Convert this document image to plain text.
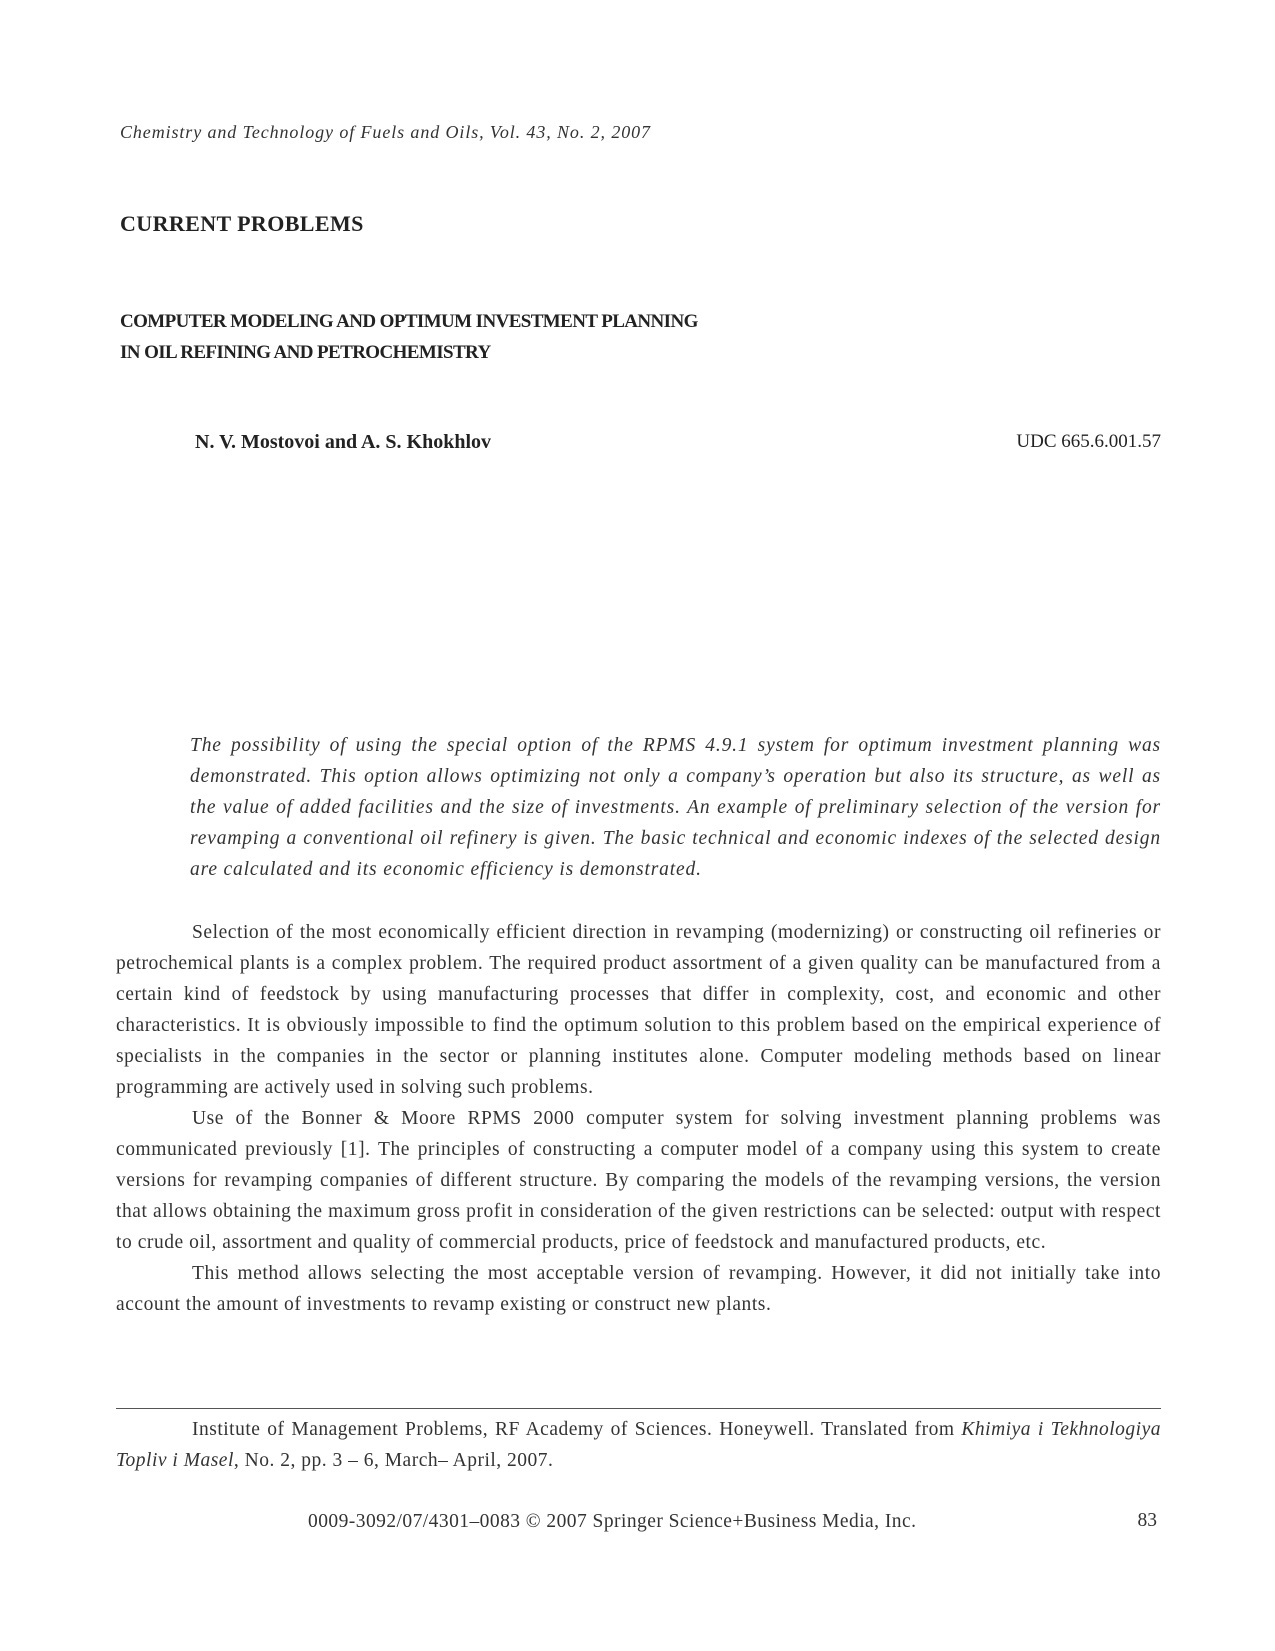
Chemistry and Technology of Fuels and Oils, Vol. 43, No. 2, 2007
CURRENT PROBLEMS
COMPUTER MODELING AND OPTIMUM INVESTMENT PLANNING
IN OIL REFINING AND PETROCHEMISTRY
N. V. Mostovoi and A. S. Khokhlov	UDC 665.6.001.57

The possibility of using the special option of the RPMS 4.9.1 system for optimum investment planning was demonstrated. This option allows optimizing not only a company’s operation but also its structure, as well as the value of added facilities and the size of investments. An example of preliminary selection of the version for revamping a conventional oil refinery is given. The basic technical and economic indexes of the selected design are calculated and its economic efficiency is demonstrated.

Selection of the most economically efficient direction in revamping (modernizing) or constructing oil refineries or petrochemical plants is a complex problem. The required product assortment of a given quality can be manufactured from a certain kind of feedstock by using manufacturing processes that differ in complexity, cost, and economic and other characteristics. It is obviously impossible to find the optimum solution to this problem based on the empirical experience of specialists in the companies in the sector or planning institutes alone. Computer modeling methods based on linear programming are actively used in solving such problems.

Use of the Bonner & Moore RPMS 2000 computer system for solving investment planning problems was communicated previously [1]. The principles of constructing a computer model of a company using this system to create versions for revamping companies of different structure. By comparing the models of the revamping versions, the version that allows obtaining the maximum gross profit in consideration of the given restrictions can be selected: output with respect to crude oil, assortment and quality of commercial products, price of feedstock and manufactured products, etc.

This method allows selecting the most acceptable version of revamping. However, it did not initially take into account the amount of investments to revamp existing or construct new plants.

Institute of Management Problems, RF Academy of Sciences. Honeywell. Translated from Khimiya i Tekhnologiya Topliv i Masel, No. 2, pp. 3 – 6, March– April, 2007.

0009-3092/07/4301–0083 © 2007 Springer Science+Business Media, Inc.	83
